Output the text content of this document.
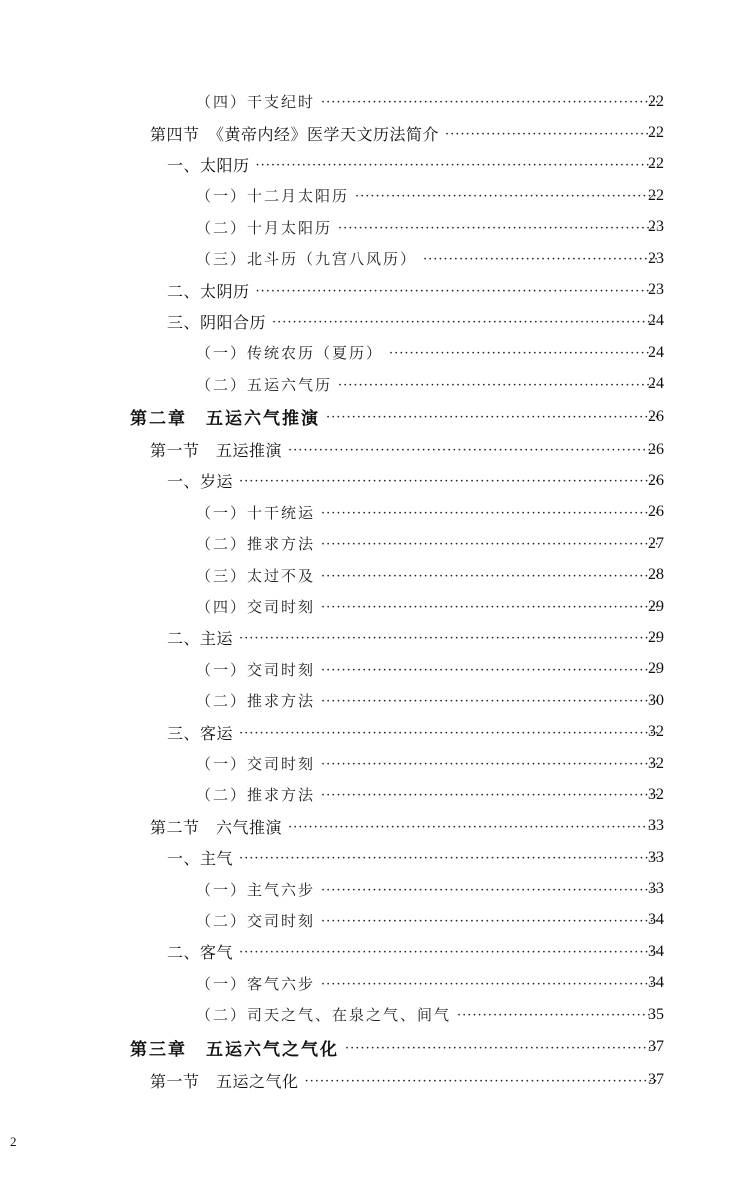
（四）干支纪时 ·····	22
第四节　《黄帝内经》医学天文历法简介 ·····	22
一、太阳历 ·····	22
（一）十二月太阳历 ·····	22
（二）十月太阳历 ·····	23
（三）北斗历（九宫八风历） ·····	23
二、太阴历 ·····	23
三、阴阳合历 ·····	24
（一）传统农历（夏历） ·····	24
（二）五运六气历 ·····	24
第二章　五运六气推演 ·····	26
第一节　五运推演 ·····	26
一、岁运 ·····	26
（一）十干统运 ·····	26
（二）推求方法 ·····	27
（三）太过不及 ·····	28
（四）交司时刻 ·····	29
二、主运 ·····	29
（一）交司时刻 ·····	29
（二）推求方法 ·····	30
三、客运 ·····	32
（一）交司时刻 ·····	32
（二）推求方法 ·····	32
第二节　六气推演 ·····	33
一、主气 ·····	33
（一）主气六步 ·····	33
（二）交司时刻 ·····	34
二、客气 ·····	34
（一）客气六步 ·····	34
（二）司天之气、在泉之气、间气 ·····	35
第三章　五运六气之气化 ·····	37
第一节　五运之气化 ·····	37
2
